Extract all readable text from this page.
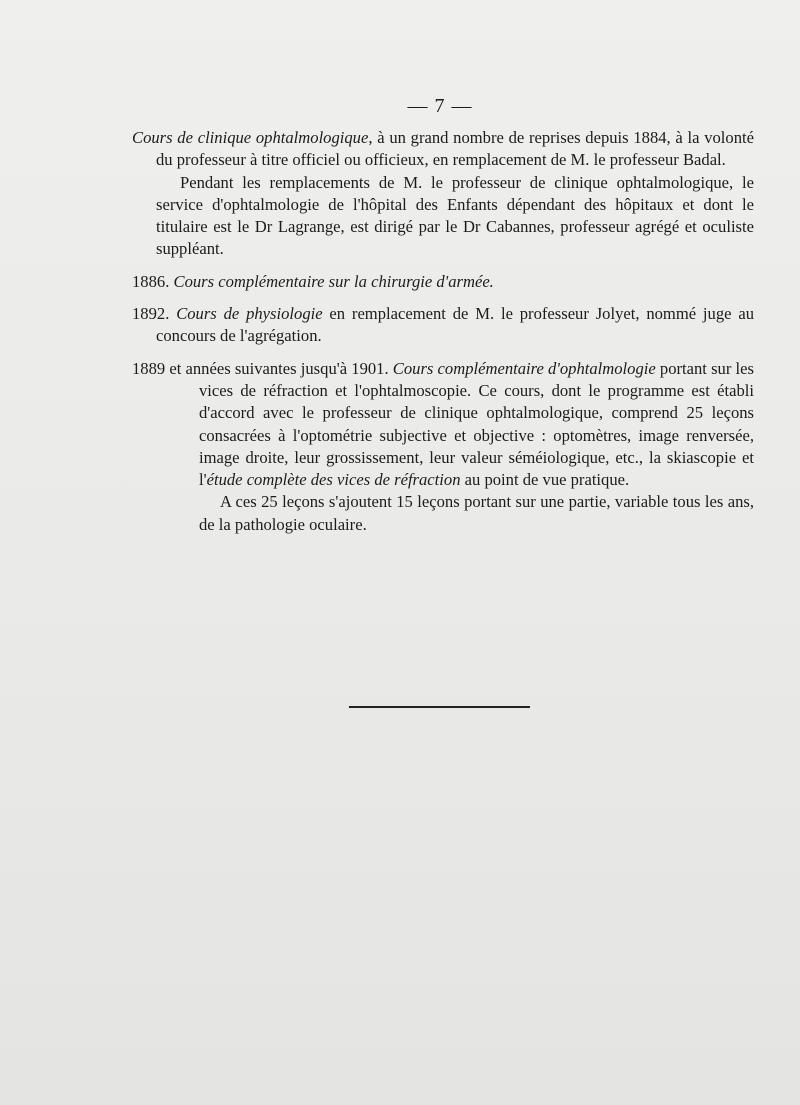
— 7 —

Cours de clinique ophtalmologique, à un grand nombre de reprises depuis 1884, à la volonté du professeur à titre officiel ou officieux, en remplacement de M. le professeur Badal.

Pendant les remplacements de M. le professeur de clinique ophtalmologique, le service d'ophtalmologie de l'hôpital des Enfants dépendant des hôpitaux et dont le titulaire est le Dr Lagrange, est dirigé par le Dr Cabannes, professeur agrégé et oculiste suppléant.

1886. Cours complémentaire sur la chirurgie d'armée.

1892. Cours de physiologie en remplacement de M. le professeur Jolyet, nommé juge au concours de l'agrégation.

1889 et années suivantes jusqu'à 1901. Cours complémentaire d'ophtalmologie portant sur les vices de réfraction et l'ophtalmoscopie. Ce cours, dont le programme est établi d'accord avec le professeur de clinique ophtalmologique, comprend 25 leçons consacrées à l'optométrie subjective et objective : optomètres, image renversée, image droite, leur grossissement, leur valeur séméiologique, etc., la skiascopie et l'étude complète des vices de réfraction au point de vue pratique.

A ces 25 leçons s'ajoutent 15 leçons portant sur une partie, variable tous les ans, de la pathologie oculaire.
